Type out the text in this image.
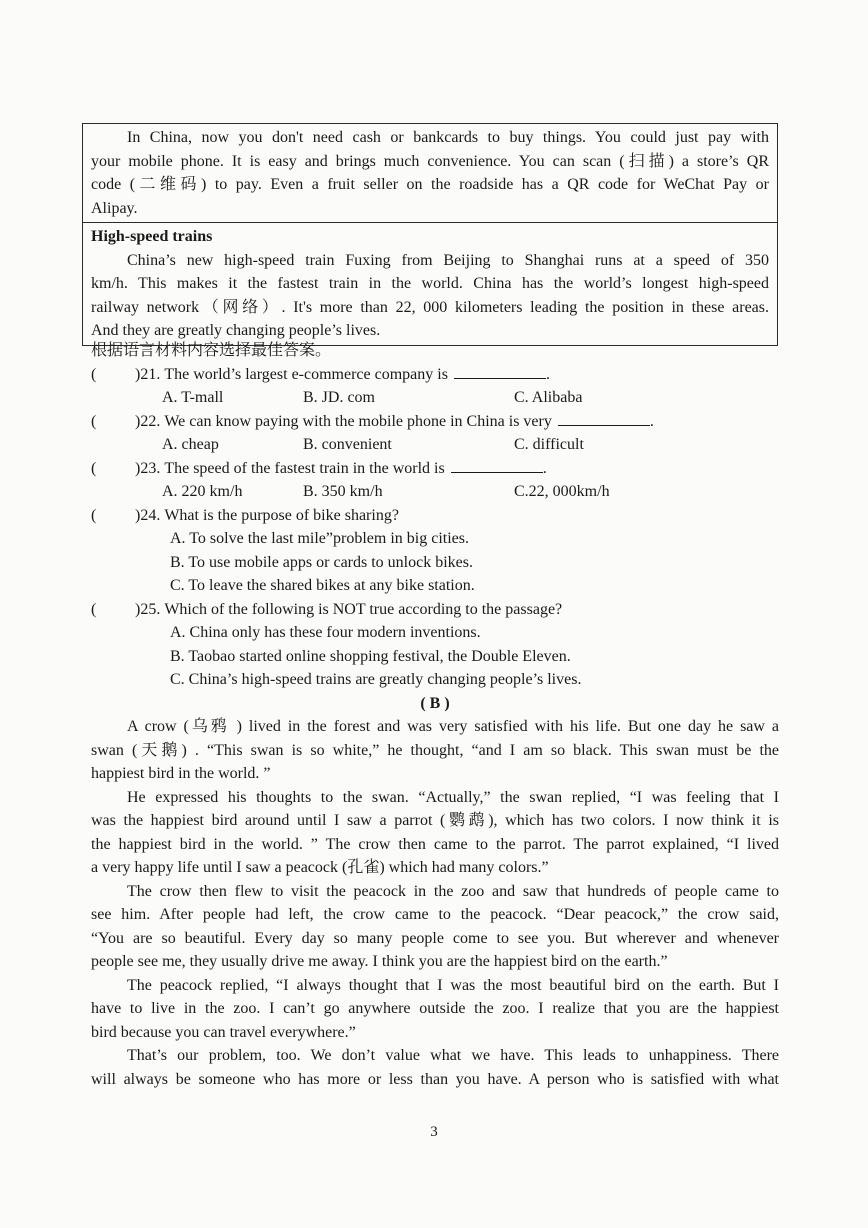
In China, now you don't need cash or bankcards to buy things. You could just pay with
your mobile phone. It is easy and brings much convenience. You can scan (扫描) a store’s QR
code (二维码) to pay. Even a fruit seller on the roadside has a QR code for WeChat Pay or
Alipay.
High-speed trains
China’s new high-speed train Fuxing from Beijing to Shanghai runs at a speed of 350
km/h. This makes it the fastest train in the world. China has the world’s longest high-speed
railway network（网络）. It's more than 22, 000 kilometers leading the position in these areas.
And they are greatly changing people’s lives.
根据语言材料内容选择最佳答案。
( )21. The world’s largest e-commerce company is	.
A. T-mall	B. JD. com	C. Alibaba
( )22. We can know paying with the mobile phone in China is very	.
A. cheap	B. convenient	C. difficult
( )23. The speed of the fastest train in the world is	.
A. 220 km/h	B. 350 km/h	C.22, 000km/h
( )24. What is the purpose of bike sharing?
A. To solve the last mile”problem in big cities.
B. To use mobile apps or cards to unlock bikes.
C. To leave the shared bikes at any bike station.
( )25. Which of the following is NOT true according to the passage?
A. China only has these four modern inventions.
B. Taobao started online shopping festival, the Double Eleven.
C. China’s high-speed trains are greatly changing people’s lives.
( B )
A crow (乌鸦 ) lived in the forest and was very satisfied with his life. But one day he saw a
swan (天鹅) . “This swan is so white,” he thought, “and I am so black. This swan must be the
happiest bird in the world. ”
He expressed his thoughts to the swan. “Actually,” the swan replied, “I was feeling that I
was the happiest bird around until I saw a parrot (鹦鹉), which has two colors. I now think it is
the happiest bird in the world. ” The crow then came to the parrot. The parrot explained, “I lived
a very happy life until I saw a peacock (孔雀) which had many colors.”
The crow then flew to visit the peacock in the zoo and saw that hundreds of people came to
see him. After people had left, the crow came to the peacock. “Dear peacock,” the crow said,
“You are so beautiful. Every day so many people come to see you. But wherever and whenever
people see me, they usually drive me away. I think you are the happiest bird on the earth.”
The peacock replied, “I always thought that I was the most beautiful bird on the earth. But I
have to live in the zoo. I can’t go anywhere outside the zoo. I realize that you are the happiest
bird because you can travel everywhere.”
That’s our problem, too. We don’t value what we have. This leads to unhappiness. There
will always be someone who has more or less than you have. A person who is satisfied with what
3
